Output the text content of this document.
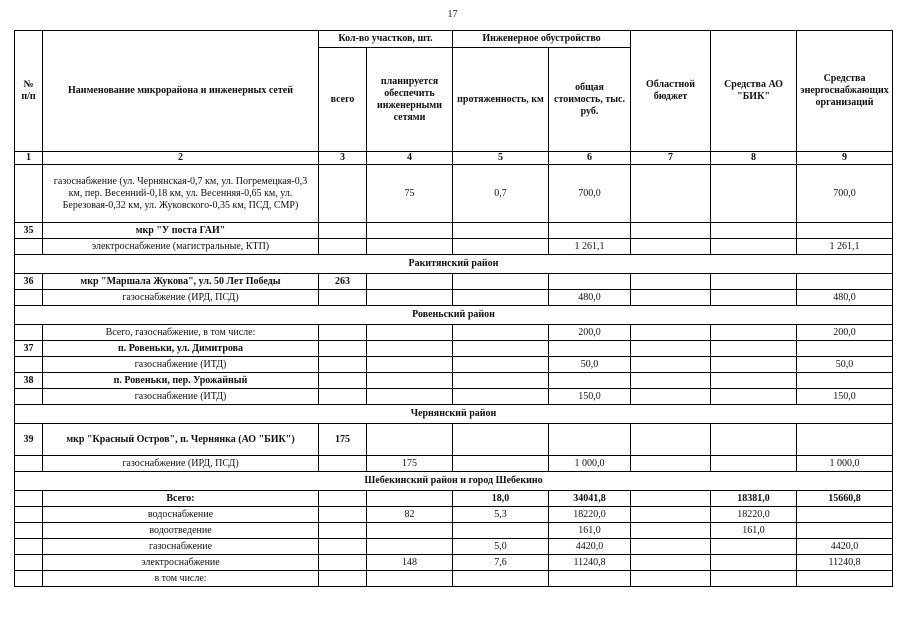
17
№ п/п	Наименование микрорайона и инженерных сетей	Кол-во участков, шт.		Инженерное обустройство		Областной бюджет	Средства АО "БИК"	Средства энергоснабжающих организаций
		всего	планируется обеспечить инженерными сетями	протяженность, км	общая стоимость, тыс. руб.			
1	2	3	4	5	6	7	8	9
	газоснабжение (ул. Чернянская-0,7 км, ул. Погремецкая-0,3 км, пер. Весенний-0,18 км, ул. Весенняя-0,65 км, ул. Березовая-0,32 км, ул. Жуковского-0,35 км, ПСД, СМР)		75	0,7	700,0			700,0
35	мкр "У поста ГАИ"							
	электроснабжение (магистральные, КТП)				1 261,1			1 261,1
Ракитянский район								
36	мкр "Маршала Жукова", ул. 50 Лет Победы	263						
	газоснабжение (ИРД, ПСД)				480,0			480,0
Ровеньский район								
	Всего, газоснабжение, в том числе:				200,0			200,0
37	п. Ровеньки, ул. Димитрова							
	газоснабжение (ИТД)				50,0			50,0
38	п. Ровеньки, пер. Урожайный							
	газоснабжение (ИТД)				150,0			150,0
Чернянский район								
39	мкр "Красный Остров", п. Чернянка (АО "БИК")	175						
	газоснабжение (ИРД, ПСД)		175		1 000,0			1 000,0
Шебекинский район и город Шебекино								
	Всего:			18,0	34041,8		18381,0	15660,8
	водоснабжение		82	5,3	18220,0		18220,0	
	водоотведение				161,0		161,0	
	газоснабжение			5,0	4420,0			4420,0
	электроснабжение		148	7,6	11240,8			11240,8
	в том числе:							
